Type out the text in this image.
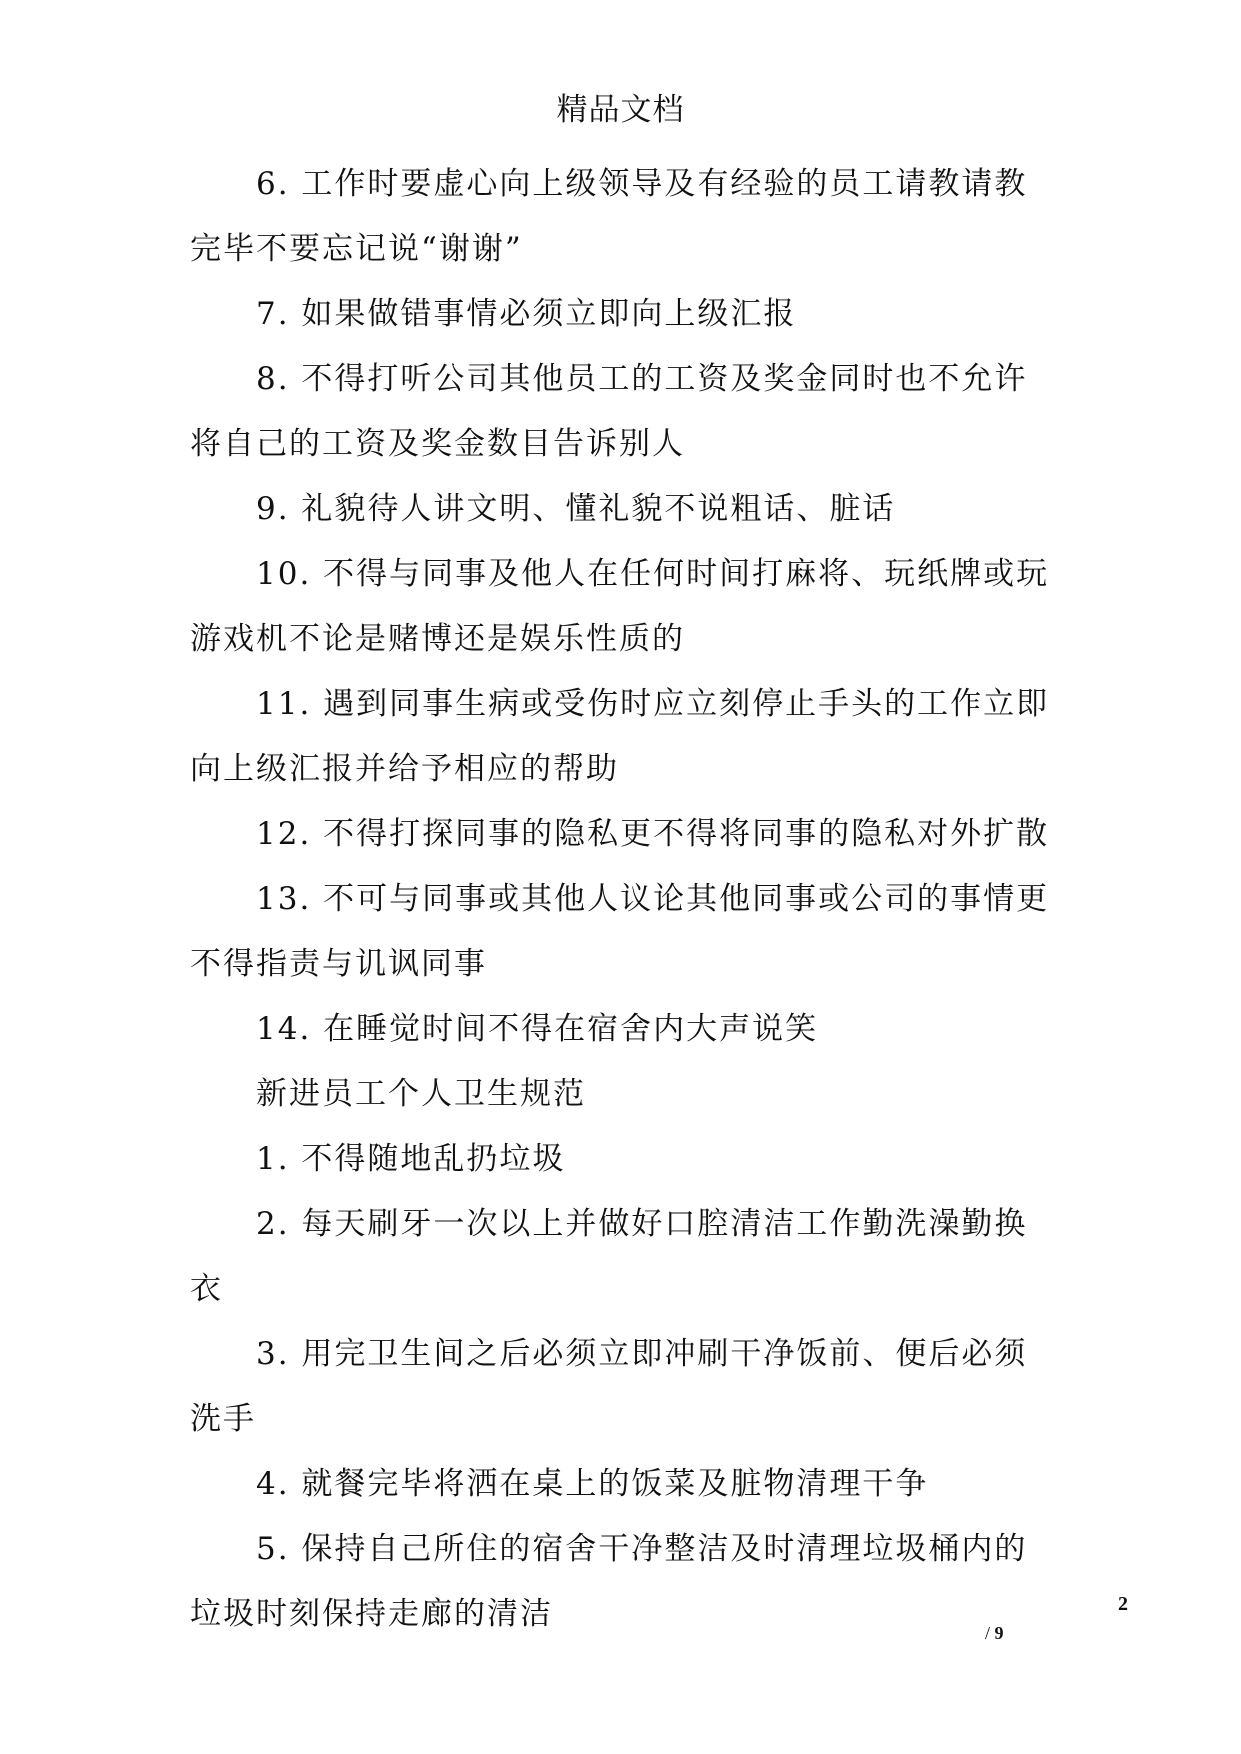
精品文档

6. 工作时要虚心向上级领导及有经验的员工请教请教完毕不要忘记说“谢谢”

7. 如果做错事情必须立即向上级汇报

8. 不得打听公司其他员工的工资及奖金同时也不允许将自己的工资及奖金数目告诉别人

9. 礼貌待人讲文明、懂礼貌不说粗话、脏话

10. 不得与同事及他人在任何时间打麻将、玩纸牌或玩游戏机不论是赌博还是娱乐性质的

11. 遇到同事生病或受伤时应立刻停止手头的工作立即向上级汇报并给予相应的帮助

12. 不得打探同事的隐私更不得将同事的隐私对外扩散

13. 不可与同事或其他人议论其他同事或公司的事情更不得指责与讥讽同事

14. 在睡觉时间不得在宿舍内大声说笑

新进员工个人卫生规范

1. 不得随地乱扔垃圾

2. 每天刷牙一次以上并做好口腔清洁工作勤洗澡勤换衣

3. 用完卫生间之后必须立即冲刷干净饭前、便后必须洗手

4. 就餐完毕将洒在桌上的饭菜及脏物清理干争

5. 保持自己所住的宿舍干净整洁及时清理垃圾桶内的垃圾时刻保持走廊的清洁	2
/ 9
